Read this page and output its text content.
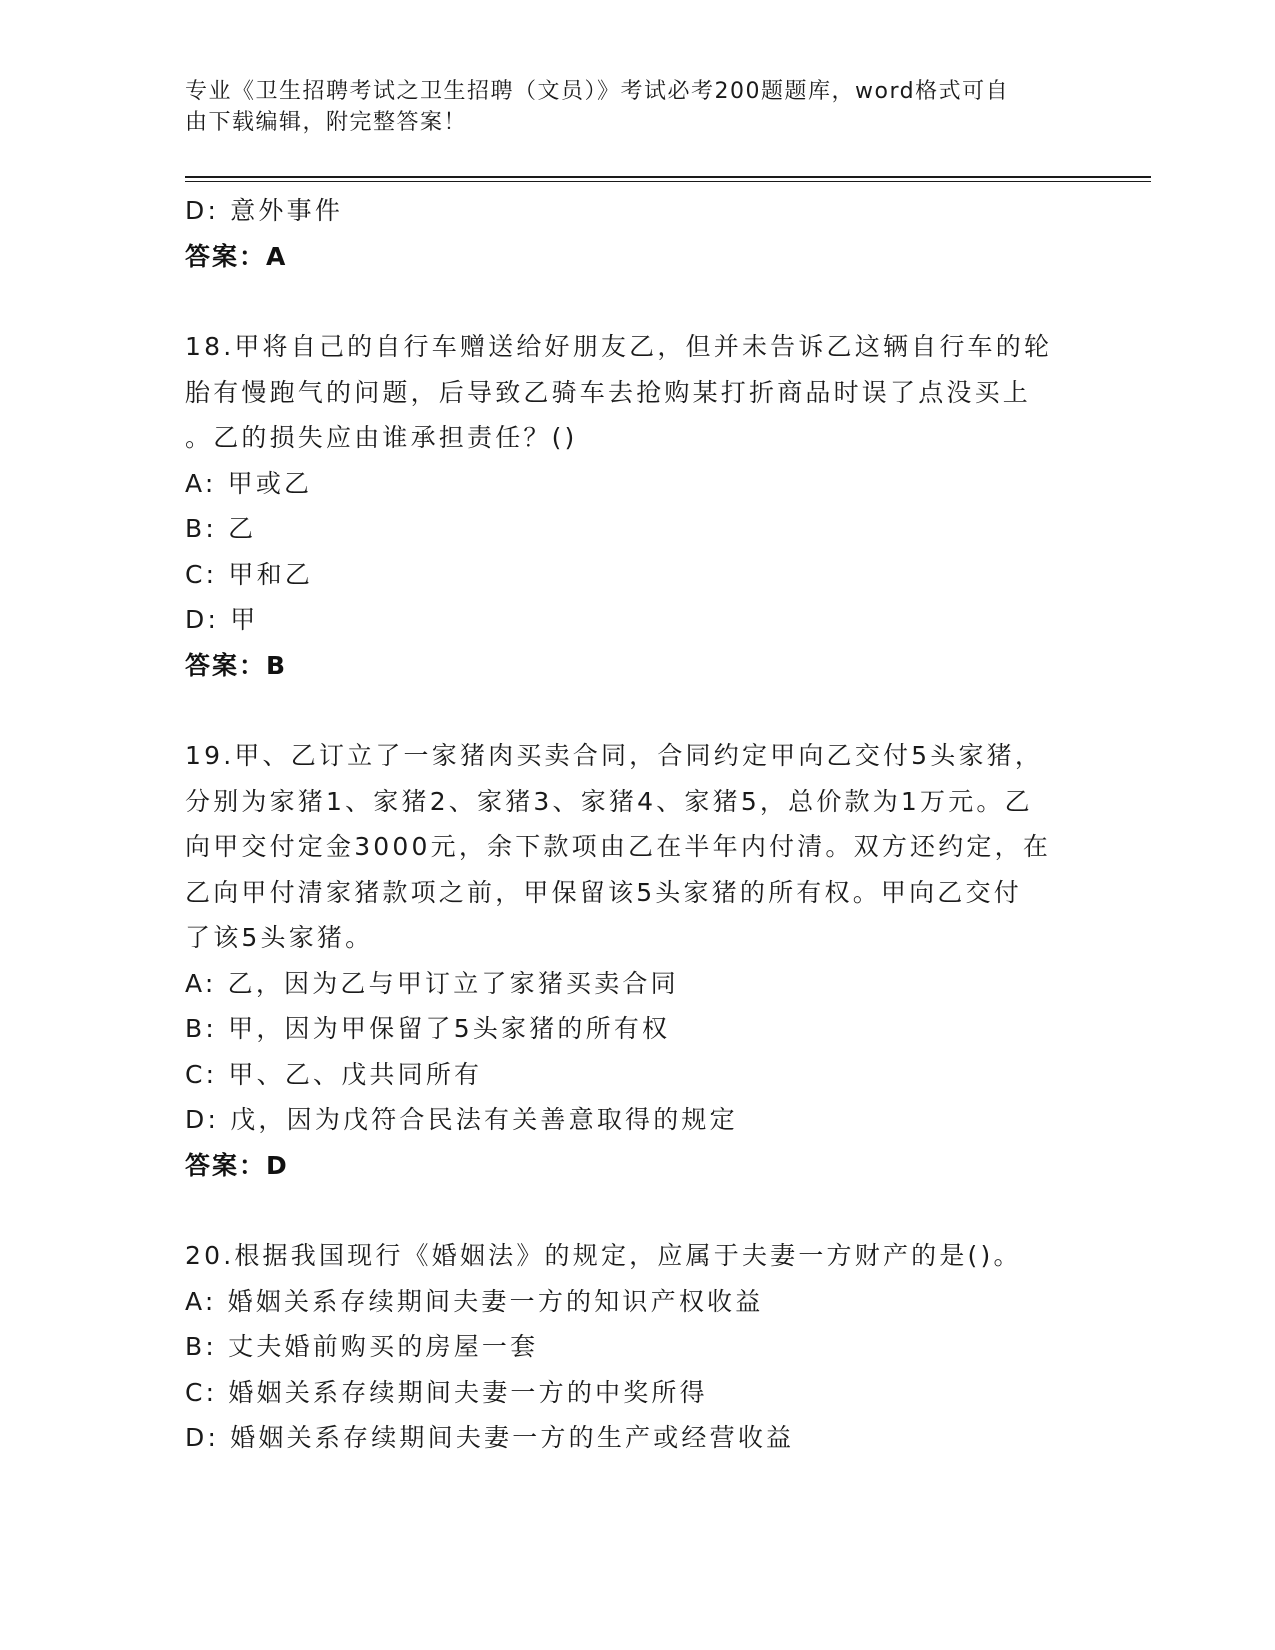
专业《卫生招聘考试之卫生招聘（文员）》考试必考200题题库，word格式可自
由下载编辑，附完整答案！
D: 意外事件
答案：A
18.甲将自己的自行车赠送给好朋友乙，但并未告诉乙这辆自行车的轮
胎有慢跑气的问题，后导致乙骑车去抢购某打折商品时误了点没买上
。乙的损失应由谁承担责任？()
A: 甲或乙
B: 乙
C: 甲和乙
D: 甲
答案：B
19.甲、乙订立了一家猪肉买卖合同，合同约定甲向乙交付5头家猪，
分别为家猪1、家猪2、家猪3、家猪4、家猪5，总价款为1万元。乙
向甲交付定金3000元，余下款项由乙在半年内付清。双方还约定，在
乙向甲付清家猪款项之前，甲保留该5头家猪的所有权。甲向乙交付
了该5头家猪。
A: 乙，因为乙与甲订立了家猪买卖合同
B: 甲，因为甲保留了5头家猪的所有权
C: 甲、乙、戊共同所有
D: 戊，因为戊符合民法有关善意取得的规定
答案：D
20.根据我国现行《婚姻法》的规定，应属于夫妻一方财产的是()。
A: 婚姻关系存续期间夫妻一方的知识产权收益
B: 丈夫婚前购买的房屋一套
C: 婚姻关系存续期间夫妻一方的中奖所得
D: 婚姻关系存续期间夫妻一方的生产或经营收益
